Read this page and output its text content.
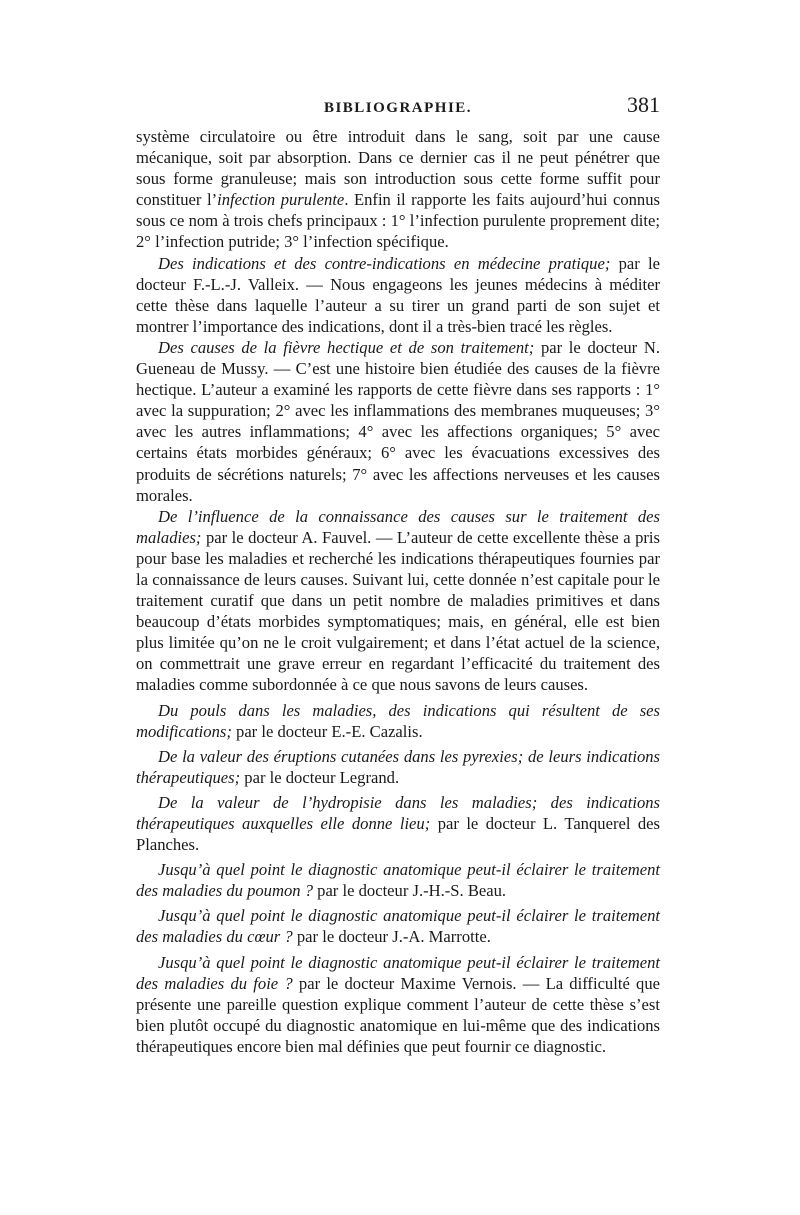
BIBLIOGRAPHIE.	381

système circulatoire ou être introduit dans le sang, soit par une cause mécanique, soit par absorption. Dans ce dernier cas il ne peut pénétrer que sous forme granuleuse; mais son introduction sous cette forme suffit pour constituer l’infection purulente. Enfin il rapporte les faits aujourd’hui connus sous ce nom à trois chefs principaux : 1° l’infection purulente proprement dite; 2° l’infection putride; 3° l’infection spécifique.

Des indications et des contre-indications en médecine pratique; par le docteur F.-L.-J. Valleix. — Nous engageons les jeunes médecins à méditer cette thèse dans laquelle l’auteur a su tirer un grand parti de son sujet et montrer l’importance des indications, dont il a très-bien tracé les règles.

Des causes de la fièvre hectique et de son traitement; par le docteur N. Gueneau de Mussy. — C’est une histoire bien étudiée des causes de la fièvre hectique. L’auteur a examiné les rapports de cette fièvre dans ses rapports : 1° avec la suppuration; 2° avec les inflammations des membranes muqueuses; 3° avec les autres inflammations; 4° avec les affections organiques; 5° avec certains états morbides généraux; 6° avec les évacuations excessives des produits de sécrétions naturels; 7° avec les affections nerveuses et les causes morales.

De l’influence de la connaissance des causes sur le traitement des maladies; par le docteur A. Fauvel. — L’auteur de cette excellente thèse a pris pour base les maladies et recherché les indications thérapeutiques fournies par la connaissance de leurs causes. Suivant lui, cette donnée n’est capitale pour le traitement curatif que dans un petit nombre de maladies primitives et dans beaucoup d’états morbides symptomatiques; mais, en général, elle est bien plus limitée qu’on ne le croit vulgairement; et dans l’état actuel de la science, on commettrait une grave erreur en regardant l’efficacité du traitement des maladies comme subordonnée à ce que nous savons de leurs causes.

Du pouls dans les maladies, des indications qui résultent de ses modifications; par le docteur E.-E. Cazalis.

De la valeur des éruptions cutanées dans les pyrexies; de leurs indications thérapeutiques; par le docteur Legrand.

De la valeur de l’hydropisie dans les maladies; des indications thérapeutiques auxquelles elle donne lieu; par le docteur L. Tanquerel des Planches.

Jusqu’à quel point le diagnostic anatomique peut-il éclairer le traitement des maladies du poumon ? par le docteur J.-H.-S. Beau.

Jusqu’à quel point le diagnostic anatomique peut-il éclairer le traitement des maladies du cœur ? par le docteur J.-A. Marrotte.

Jusqu’à quel point le diagnostic anatomique peut-il éclairer le traitement des maladies du foie ? par le docteur Maxime Vernois. — La difficulté que présente une pareille question explique comment l’auteur de cette thèse s’est bien plutôt occupé du diagnostic anatomique en lui-même que des indications thérapeutiques encore bien mal définies que peut fournir ce diagnostic.
